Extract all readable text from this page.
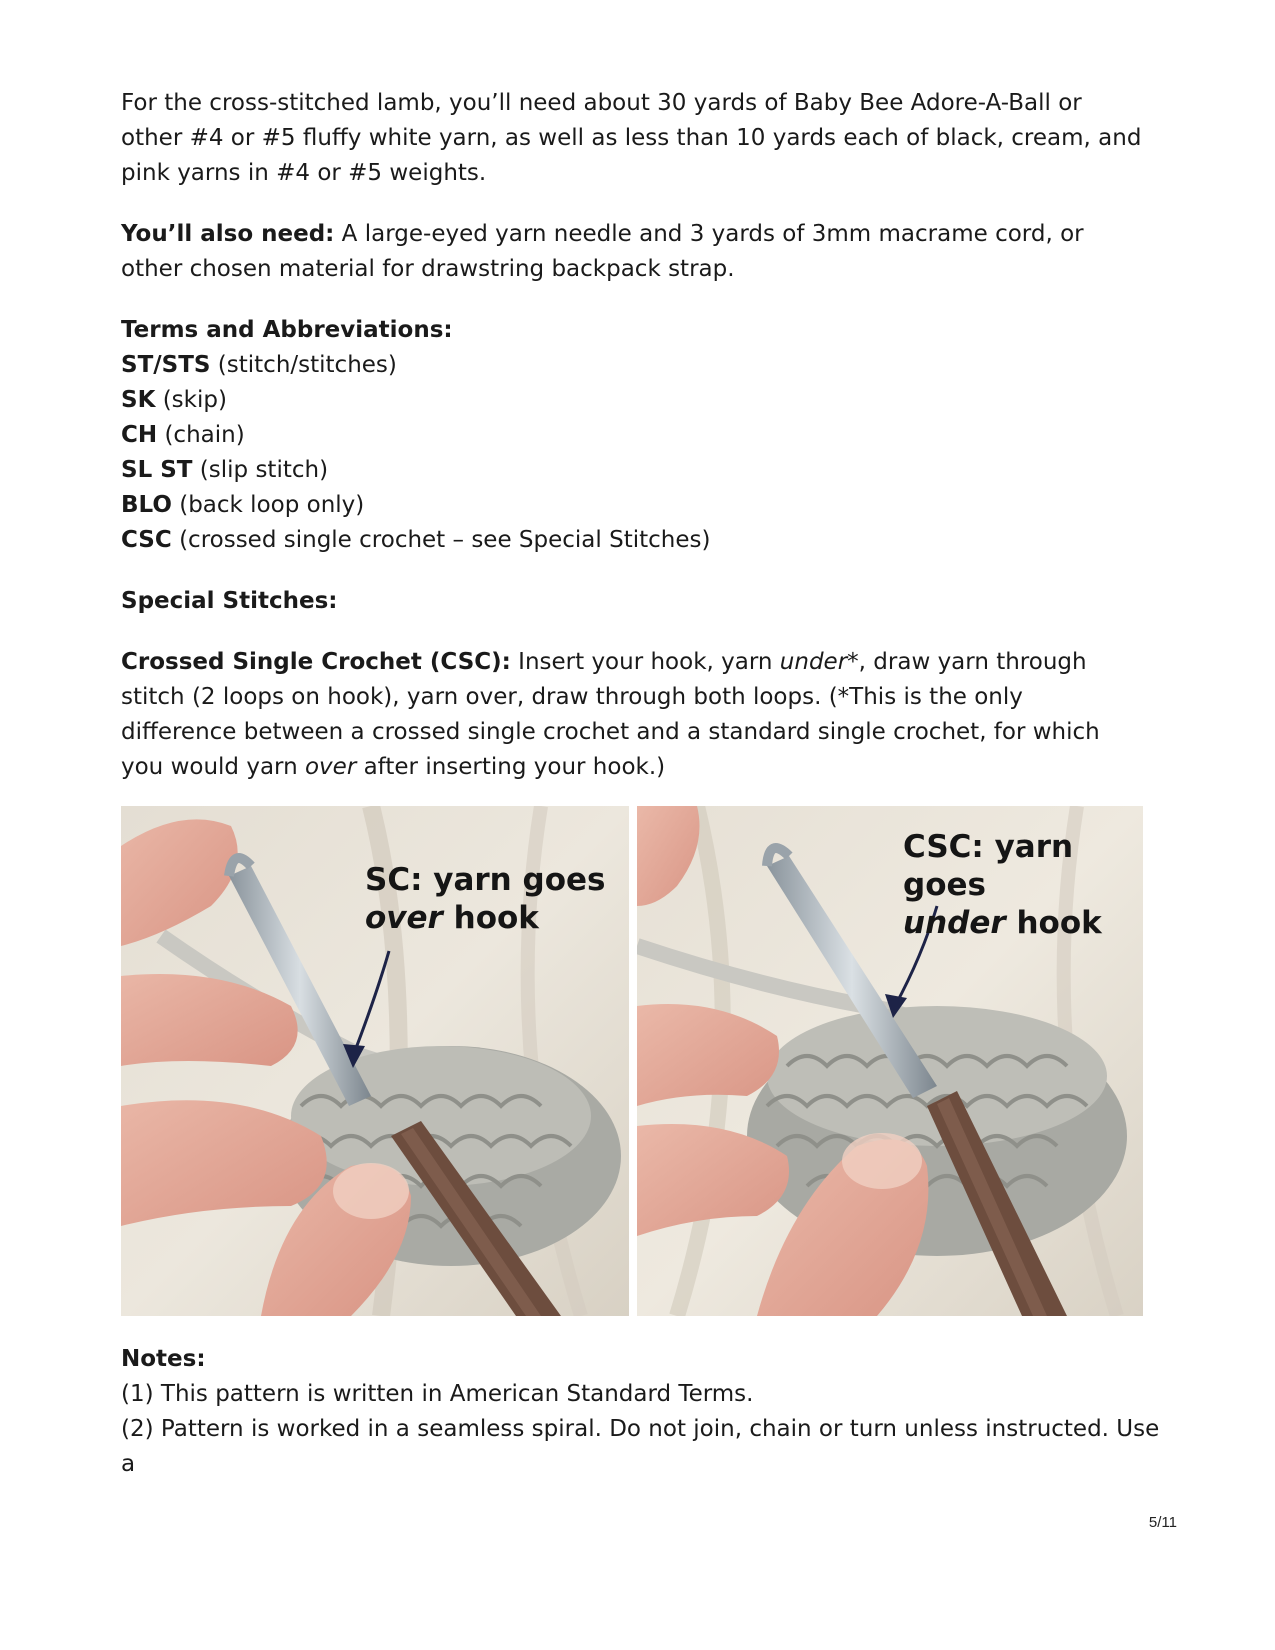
For the cross-stitched lamb, you’ll need about 30 yards of Baby Bee Adore-A-Ball or other #4 or #5 fluffy white yarn, as well as less than 10 yards each of black, cream, and pink yarns in #4 or #5 weights.

You’ll also need: A large-eyed yarn needle and 3 yards of 3mm macrame cord, or other chosen material for drawstring backpack strap.

Terms and Abbreviations:

ST/STS (stitch/stitches)

SK (skip)

CH (chain)

SL ST (slip stitch)

BLO (back loop only)

CSC (crossed single crochet – see Special Stitches)

Special Stitches:

Crossed Single Crochet (CSC): Insert your hook, yarn under*, draw yarn through stitch (2 loops on hook), yarn over, draw through both loops. (*This is the only difference between a crossed single crochet and a standard single crochet, for which you would yarn over after inserting your hook.)

SC: yarn goes
over hook
CSC: yarn goes
under hook

Notes:

(1) This pattern is written in American Standard Terms.

(2) Pattern is worked in a seamless spiral. Do not join, chain or turn unless instructed. Use a

5/11
